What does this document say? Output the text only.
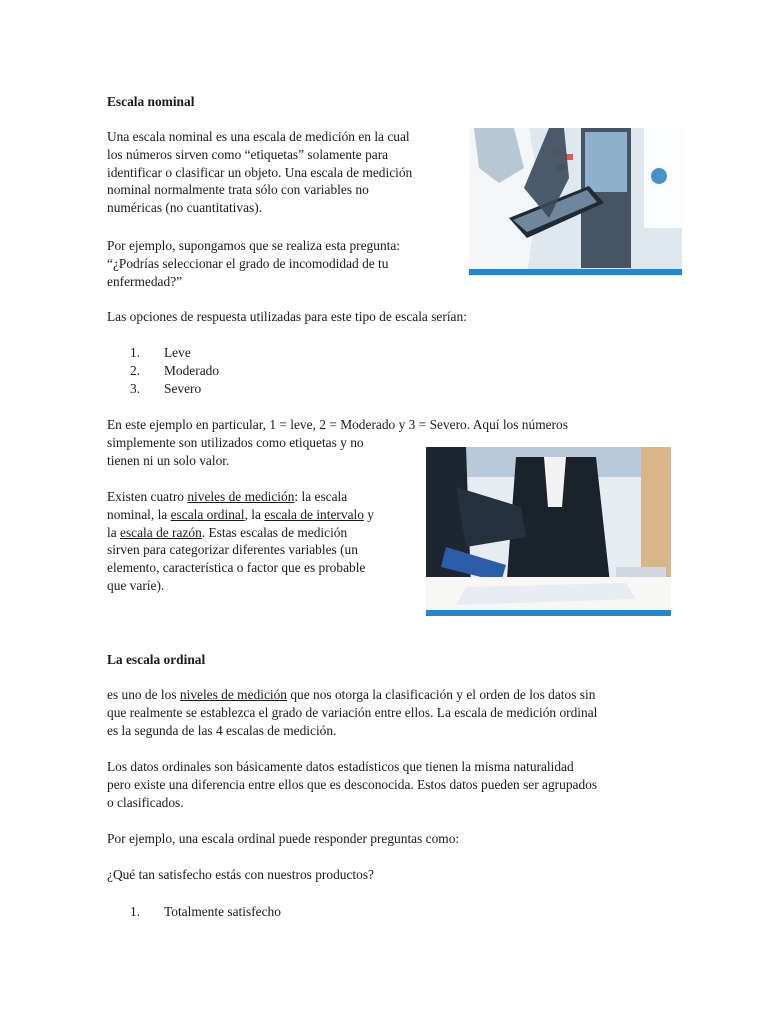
Escala nominal

Una escala nominal es una escala de medición en la cual

los números sirven como “etiquetas” solamente para

identificar o clasificar un objeto. Una escala de medición

nominal normalmente trata sólo con variables no

numéricas (no cuantitativas).

Por ejemplo, supongamos que se realiza esta pregunta:

“¿Podrías seleccionar el grado de incomodidad de tu

enfermedad?”

Las opciones de respuesta utilizadas para este tipo de escala serían:

1. Leve
2. Moderado
3. Severo

En este ejemplo en particular, 1 = leve, 2 = Moderado y 3 = Severo. Aquí los números

simplemente son utilizados como etiquetas y no

tienen ni un solo valor.

Existen cuatro niveles de medición: la escala

nominal, la escala ordinal, la escala de intervalo y

la escala de razón. Estas escalas de medición

sirven para categorizar diferentes variables (un

elemento, característica o factor que es probable

que varíe).

La escala ordinal

es uno de los niveles de medición que nos otorga la clasificación y el orden de los datos sin

que realmente se establezca el grado de variación entre ellos. La escala de medición ordinal

es la segunda de las 4 escalas de medición.

Los datos ordinales son básicamente datos estadísticos que tienen la misma naturalidad

pero existe una diferencia entre ellos que es desconocida. Estos datos pueden ser agrupados

o clasificados.

Por ejemplo, una escala ordinal puede responder preguntas como:

¿Qué tan satisfecho estás con nuestros productos?

1. Totalmente satisfecho
